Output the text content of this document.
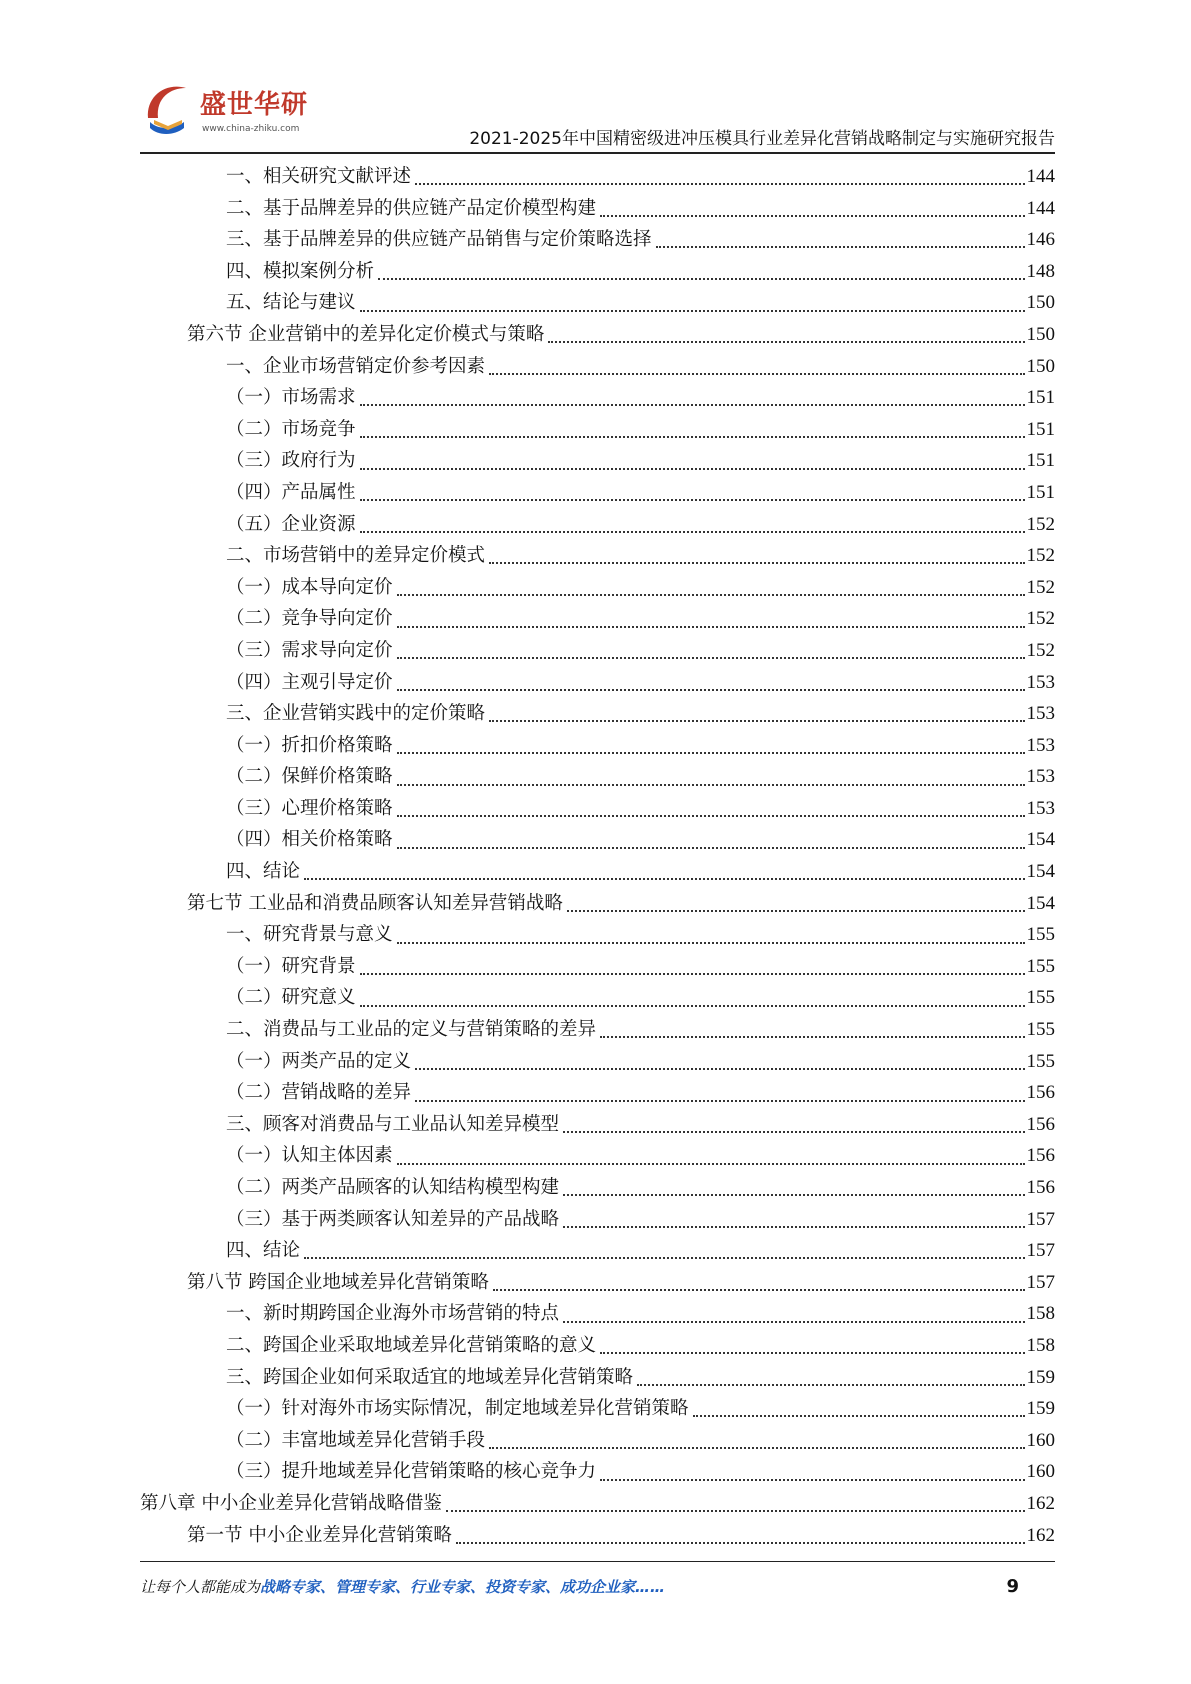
盛世华研
www.china-zhiku.com	2021-2025年中国精密级进冲压模具行业差异化营销战略制定与实施研究报告
一、相关研究文献评述	144
二、基于品牌差异的供应链产品定价模型构建	144
三、基于品牌差异的供应链产品销售与定价策略选择	146
四、模拟案例分析	148
五、结论与建议	150
第六节 企业营销中的差异化定价模式与策略	150
一、企业市场营销定价参考因素	150
（一）市场需求	151
（二）市场竞争	151
（三）政府行为	151
（四）产品属性	151
（五）企业资源	152
二、市场营销中的差异定价模式	152
（一）成本导向定价	152
（二）竞争导向定价	152
（三）需求导向定价	152
（四）主观引导定价	153
三、企业营销实践中的定价策略	153
（一）折扣价格策略	153
（二）保鲜价格策略	153
（三）心理价格策略	153
（四）相关价格策略	154
四、结论	154
第七节 工业品和消费品顾客认知差异营销战略	154
一、研究背景与意义	155
（一）研究背景	155
（二）研究意义	155
二、消费品与工业品的定义与营销策略的差异	155
（一）两类产品的定义	155
（二）营销战略的差异	156
三、顾客对消费品与工业品认知差异模型	156
（一）认知主体因素	156
（二）两类产品顾客的认知结构模型构建	156
（三）基于两类顾客认知差异的产品战略	157
四、结论	157
第八节 跨国企业地域差异化营销策略	157
一、新时期跨国企业海外市场营销的特点	158
二、跨国企业采取地域差异化营销策略的意义	158
三、跨国企业如何采取适宜的地域差异化营销策略	159
（一）针对海外市场实际情况，制定地域差异化营销策略	159
（二）丰富地域差异化营销手段	160
（三）提升地域差异化营销策略的核心竞争力	160
第八章 中小企业差异化营销战略借鉴	162
第一节 中小企业差异化营销策略	162
让每个人都能成为战略专家、管理专家、行业专家、投资专家、成功企业家……	9
